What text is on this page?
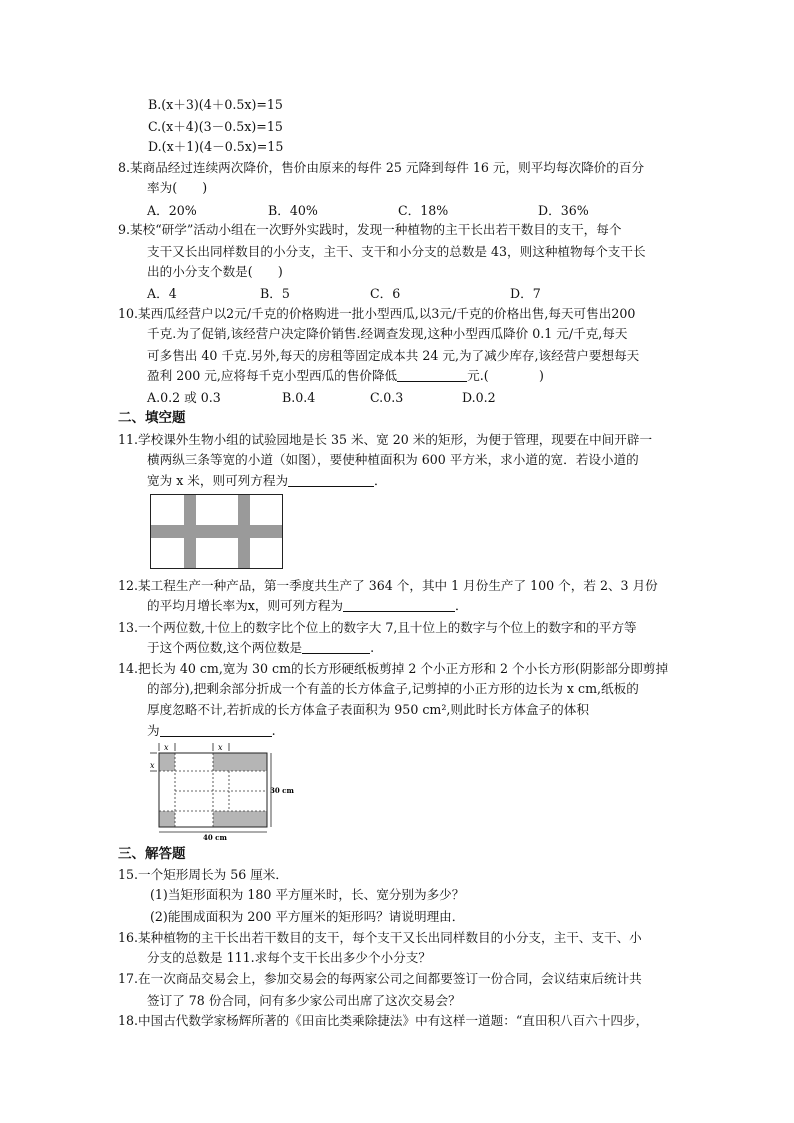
B.(x＋3)(4＋0.5x)=15
C.(x＋4)(3－0.5x)=15
D.(x＋1)(4－0.5x)=15
8.某商品经过连续两次降价，售价由原来的每件 25 元降到每件 16 元，则平均每次降价的百分
率为(　　)
A．20%	B．40%	C．18%	D．36%
9.某校“研学”活动小组在一次野外实践时，发现一种植物的主干长出若干数目的支干，每个
支干又长出同样数目的小分支，主干、支干和小分支的总数是 43，则这种植物每个支干长
出的小分支个数是(　　)
A．4	B．5	C．6	D．7
10.某西瓜经营户以2元/千克的价格购进一批小型西瓜,以3元/千克的价格出售,每天可售出200
千克.为了促销,该经营户决定降价销售.经调查发现,这种小型西瓜降价 0.1 元/千克,每天
可多售出 40 千克.另外,每天的房租等固定成本共 24 元,为了减少库存,该经营户要想每天
盈利 200 元,应将每千克小型西瓜的售价降低	元.(　　　　)
A.0.2 或 0.3	B.0.4	C.0.3	D.0.2
二、填空题
11.学校课外生物小组的试验园地是长 35 米、宽 20 米的矩形，为便于管理，现要在中间开辟一
横两纵三条等宽的小道（如图），要使种植面积为 600 平方米，求小道的宽．若设小道的
宽为 x 米，则可列方程为	．
12.某工程生产一种产品，第一季度共生产了 364 个，其中 1 月份生产了 100 个，若 2、3 月份
的平均月增长率为x，则可列方程为	．
13.一个两位数,十位上的数字比个位上的数字大 7,且十位上的数字与个位上的数字和的平方等
于这个两位数,这个两位数是	.
14.把长为 40 cm,宽为 30 cm的长方形硬纸板剪掉 2 个小正方形和 2 个小长方形(阴影部分即剪掉
的部分),把剩余部分折成一个有盖的长方体盒子,记剪掉的小正方形的边长为 x cm,纸板的
厚度忽略不计,若折成的长方体盒子表面积为 950 cm²,则此时长方体盒子的体积
为	.
x	x
x
30 cm
40 cm
三、解答题
15.一个矩形周长为 56 厘米．
(1)当矩形面积为 180 平方厘米时，长、宽分别为多少？
(2)能围成面积为 200 平方厘米的矩形吗？请说明理由．
16.某种植物的主干长出若干数目的支干，每个支干又长出同样数目的小分支，主干、支干、小
分支的总数是 111.求每个支干长出多少个小分支？
17.在一次商品交易会上，参加交易会的每两家公司之间都要签订一份合同，会议结束后统计共
签订了 78 份合同，问有多少家公司出席了这次交易会？
18.中国古代数学家杨辉所著的《田亩比类乘除捷法》中有这样一道题：“直田积八百六十四步，
